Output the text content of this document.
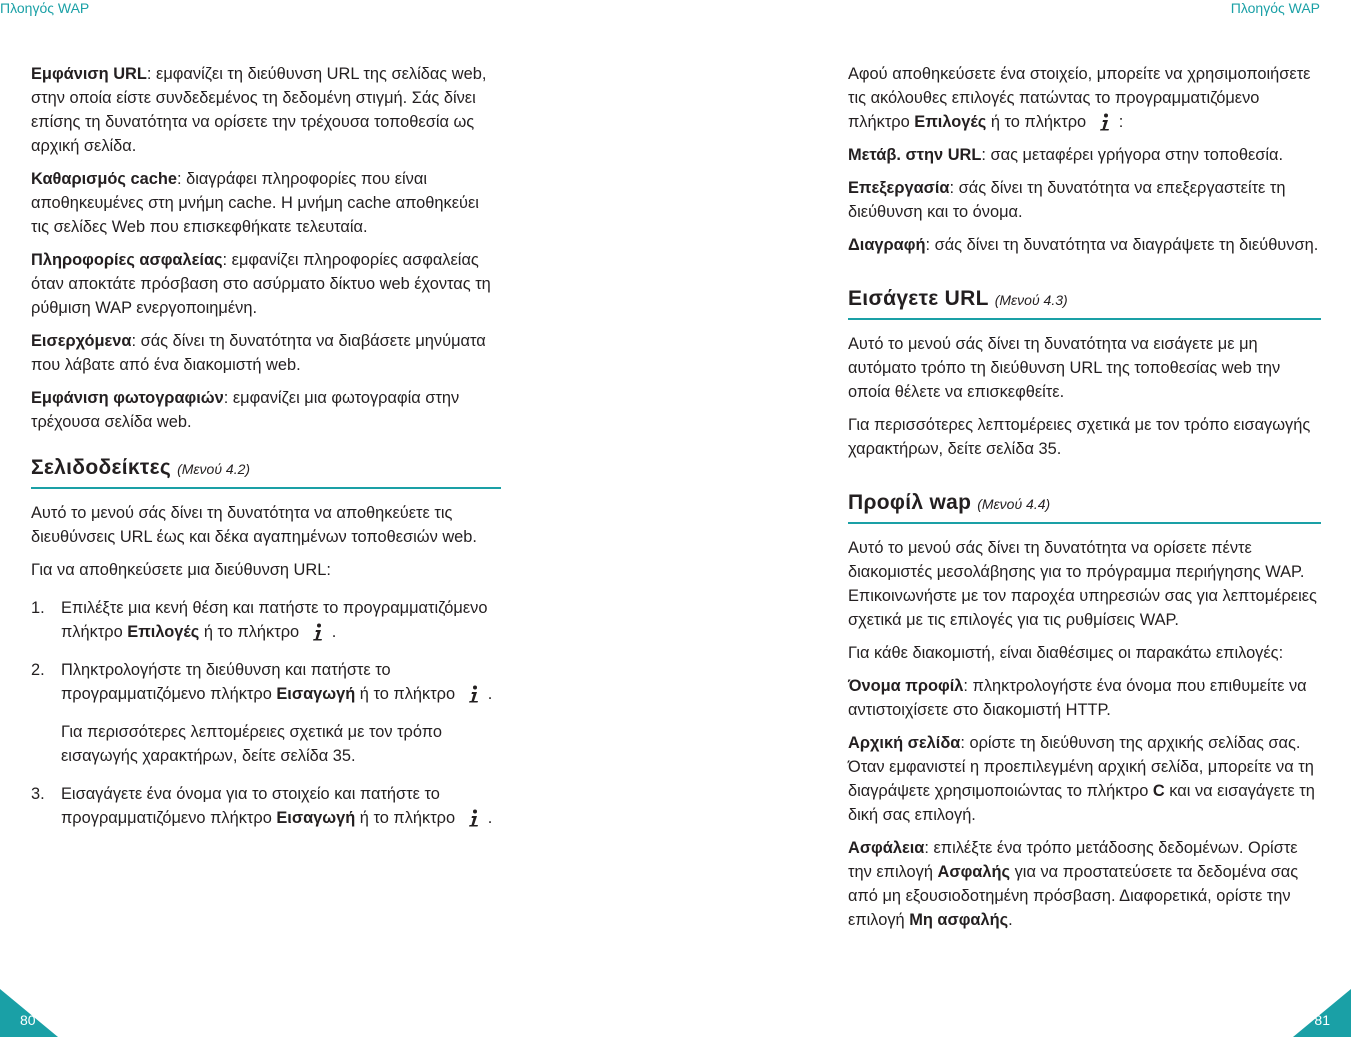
Πλοηγός WAP

Εμφάνιση URL: εμφανίζει τη διεύθυνση URL της σελίδας web, στην οποία είστε συνδεδεμένος τη δεδομένη στιγμή. Σάς δίνει επίσης τη δυνατότητα να ορίσετε την τρέχουσα τοποθεσία ως αρχική σελίδα.

Καθαρισμός cache: διαγράφει πληροφορίες που είναι αποθηκευμένες στη μνήμη cache. Η μνήμη cache αποθηκεύει τις σελίδες Web που επισκεφθήκατε τελευταία.

Πληροφορίες ασφαλείας: εμφανίζει πληροφορίες ασφαλείας όταν αποκτάτε πρόσβαση στο ασύρματο δίκτυο web έχοντας τη ρύθμιση WAP ενεργοποιημένη.

Εισερχόμενα: σάς δίνει τη δυνατότητα να διαβάσετε μηνύματα που λάβατε από ένα διακομιστή web.

Εμφάνιση φωτογραφιών: εμφανίζει μια φωτογραφία στην τρέχουσα σελίδα web.

Σελιδοδείκτες (Μενού 4.2)

Αυτό το μενού σάς δίνει τη δυνατότητα να αποθηκεύετε τις διευθύνσεις URL έως και δέκα αγαπημένων τοποθεσιών web.

Για να αποθηκεύσετε μια διεύθυνση URL:

1. Επιλέξτε μια κενή θέση και πατήστε το προγραμματιζόμενο πλήκτρο Επιλογές ή το πλήκτρο .
2. Πληκτρολογήστε τη διεύθυνση και πατήστε το προγραμματιζόμενο πλήκτρο Εισαγωγή ή το πλήκτρο .
Για περισσότερες λεπτομέρειες σχετικά με τον τρόπο εισαγωγής χαρακτήρων, δείτε σελίδα 35.
3. Εισαγάγετε ένα όνομα για το στοιχείο και πατήστε το προγραμματιζόμενο πλήκτρο Εισαγωγή ή το πλήκτρο .
80
Πλοηγός WAP

Αφού αποθηκεύσετε ένα στοιχείο, μπορείτε να χρησιμοποιήσετε τις ακόλουθες επιλογές πατώντας το προγραμματιζόμενο πλήκτρο Επιλογές ή το πλήκτρο :

Μετάβ. στην URL: σας μεταφέρει γρήγορα στην τοποθεσία.

Επεξεργασία: σάς δίνει τη δυνατότητα να επεξεργαστείτε τη διεύθυνση και το όνομα.

Διαγραφή: σάς δίνει τη δυνατότητα να διαγράψετε τη διεύθυνση.

Εισάγετε URL (Μενού 4.3)

Αυτό το μενού σάς δίνει τη δυνατότητα να εισάγετε με μη αυτόματο τρόπο τη διεύθυνση URL της τοποθεσίας web την οποία θέλετε να επισκεφθείτε.

Για περισσότερες λεπτομέρειες σχετικά με τον τρόπο εισαγωγής χαρακτήρων, δείτε σελίδα 35.

Προφίλ wap (Μενού 4.4)

Αυτό το μενού σάς δίνει τη δυνατότητα να ορίσετε πέντε διακομιστές μεσολάβησης για το πρόγραμμα περιήγησης WAP. Επικοινωνήστε με τον παροχέα υπηρεσιών σας για λεπτομέρειες σχετικά με τις επιλογές για τις ρυθμίσεις WAP.

Για κάθε διακομιστή, είναι διαθέσιμες οι παρακάτω επιλογές:

Όνομα προφίλ: πληκτρολογήστε ένα όνομα που επιθυμείτε να αντιστοιχίσετε στο διακομιστή HTTP.

Αρχική σελίδα: ορίστε τη διεύθυνση της αρχικής σελίδας σας. Όταν εμφανιστεί η προεπιλεγμένη αρχική σελίδα, μπορείτε να τη διαγράψετε χρησιμοποιώντας το πλήκτρο C και να εισαγάγετε τη δική σας επιλογή.

Ασφάλεια: επιλέξτε ένα τρόπο μετάδοσης δεδομένων. Ορίστε την επιλογή Ασφαλής για να προστατεύσετε τα δεδομένα σας από μη εξουσιοδοτημένη πρόσβαση. Διαφορετικά, ορίστε την επιλογή Μη ασφαλής.

81
